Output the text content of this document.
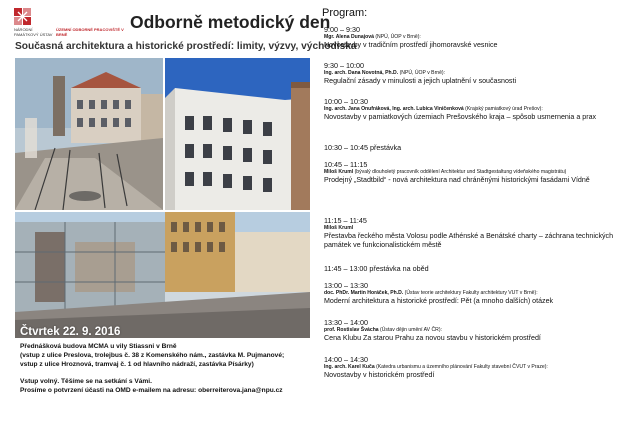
NÁRODNÍ PAMÁTKOVÝ ÚSTAV
ÚZEMNÍ ODBORNÉ PRACOVIŠTĚ V BRNĚ
Odborně metodický den
Současná architektura a historické prostředí: limity, výzvy, východiska
Čtvrtek 22. 9. 2016
Přednášková budova MCMA u vily Stiassni v Brně
(vstup z ulice Preslova, trolejbus č. 38 z Komenského nám., zastávka M. Pujmanové;
vstup z ulice Hroznová, tramvaj č. 1 od hlavního nádraží, zastávka Písárky)
Vstup volný. Těšíme se na setkání s Vámi.
Prosíme o potvrzení účasti na OMD e-mailem na adresu: oberreiterova.jana@npu.cz
Program:
9:00 – 9:30
Mgr. Alena Dunajová (NPÚ, ÚOP v Brně):
Novostavby v tradičním prostředí jihomoravské vesnice
9:30 – 10:00
Ing. arch. Dana Novotná, Ph.D. (NPÚ, ÚOP v Brně):
Regulační zásady v minulosti a jejich uplatnění v současnosti
10:00 – 10:30
Ing. arch. Jana Onufráková, Ing. arch. Lubica Viničenková (Krajský pamiatkový úrad Prešov):
Novostavby v pamiatkových územiach Prešovského kraja – spôsob usmernenia a prax
10:30 – 10:45 přestávka
10:45 – 11:15
Miloš Kruml (bývalý dlouholetý pracovník oddělení Architektur und Stadtgestaltung vídeňského magistrátu)
Prodejný „Stadtbild“ - nová architektura nad chráněnými historickými fasádami Vídně
11:15 – 11:45
Miloš Kruml
Přestavba řeckého města Volosu podle Athénské a Benátské charty – záchrana technických památek ve funkcionalistickém městě
11:45 – 13:00 přestávka na oběd
13:00 – 13:30
doc. PhDr. Martin Horáček, Ph.D. (Ústav teorie architektury Fakulty architektury VUT v Brně):
Moderní architektura a historické prostředí: Pět (a mnoho dalších) otázek
13:30 – 14:00
prof. Rostislav Švácha (Ústav dějin umění AV ČR):
Cena Klubu Za starou Prahu za novou stavbu v historickém prostředí
14:00 – 14:30
Ing. arch. Karel Kuča (Katedra urbanismu a územního plánování Fakulty stavební ČVUT v Praze):
Novostavby v historickém prostředí
